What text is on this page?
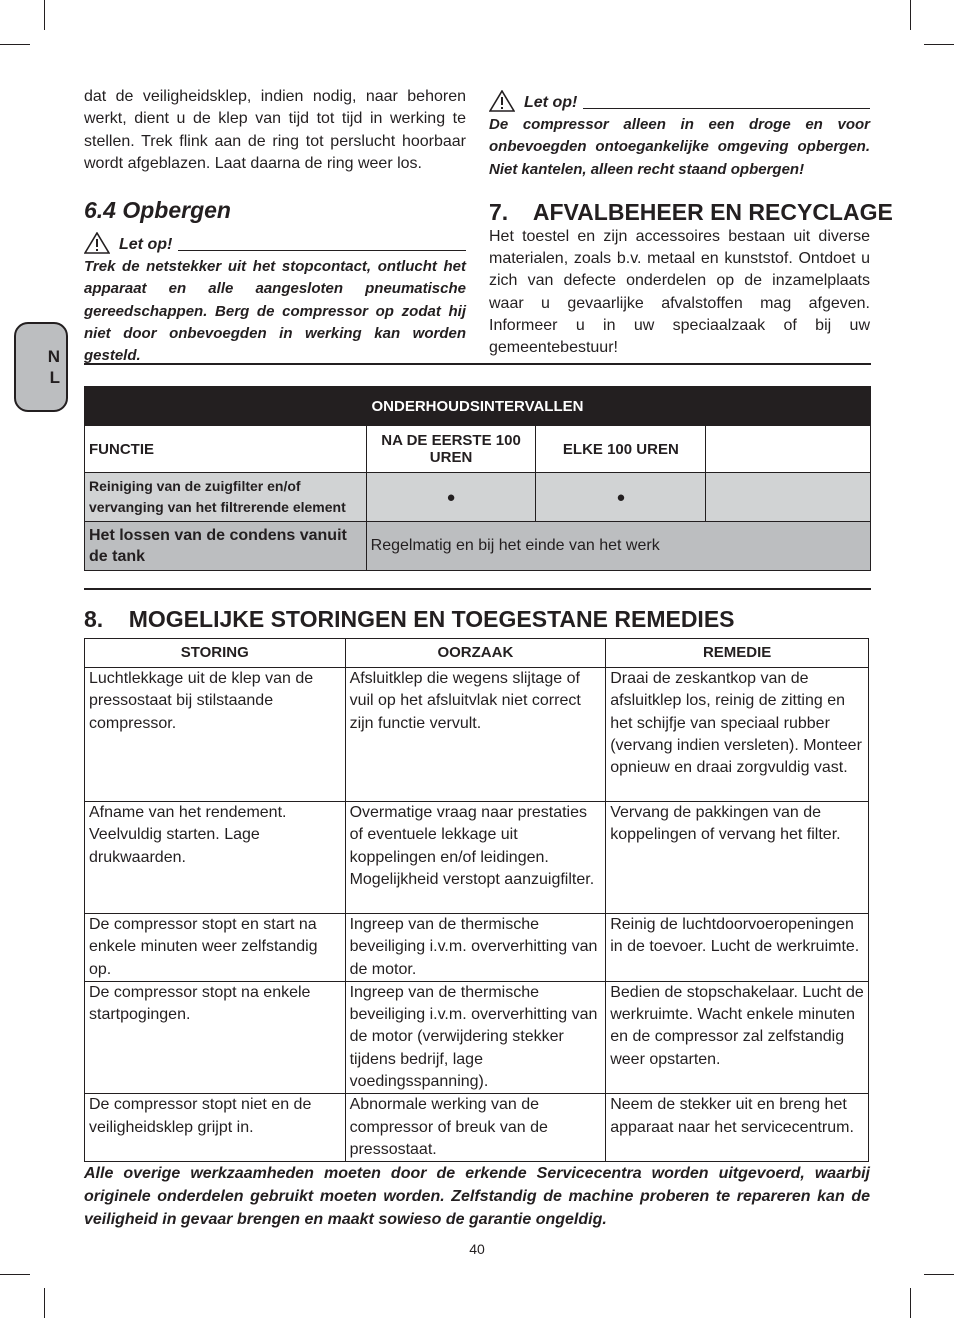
N
L

dat de veiligheidsklep, indien nodig, naar behoren werkt, dient u de klep van tijd tot tijd in werking te stellen. Trek flink aan de ring tot perslucht hoorbaar wordt afgeblazen. Laat daarna de ring weer los.

6.4 Opbergen
Let op!

Trek de netstekker uit het stopcontact, ontlucht het apparaat en alle aangesloten pneumatische gereedschappen. Berg de compressor op zodat hij niet door onbevoegden in werking kan worden gesteld.

Let op!

De compressor alleen in een droge en voor onbevoegden ontoegankelijke omgeving opbergen. Niet kantelen, alleen recht staand opbergen!

7.    AFVALBEHEER EN RECYCLAGE

Het toestel en zijn accessoires bestaan uit diverse materialen, zoals b.v. metaal en kunststof. Ontdoet u zich van defecte onderdelen op de inzamelplaats waar u gevaarlijke afvalstoffen mag afgeven. Informeer u in uw speciaalzaak of bij uw gemeentebestuur!

ONDERHOUDSINTERVALLEN			
FUNCTIE	NA DE EERSTE 100 UREN	ELKE 100 UREN	
Reiniging van de zuigfilter en/of vervanging van het filtrerende element	●	●	
Het lossen van de condens vanuit de tank	Regelmatig en bij het einde van het werk		
8.    MOGELIJKE STORINGEN EN TOEGESTANE REMEDIES
STORING	OORZAAK	REMEDIE
Luchtlekkage uit de klep van de pressostaat bij stilstaande compressor.	Afsluitklep die wegens slijtage of vuil op het afsluitvlak niet correct zijn functie vervult.	Draai de zeskantkop van de afsluitklep los, reinig de zitting en het schijfje van speciaal rubber (vervang indien versleten). Monteer opnieuw en draai zorgvuldig vast.
Afname van het rendement. Veelvuldig starten. Lage drukwaarden.	Overmatige vraag naar prestaties of eventuele lekkage uit koppelingen en/of leidingen. Mogelijkheid verstopt aanzuigfilter.	Vervang de pakkingen van de koppelingen of vervang het filter.
De compressor stopt en start na enkele minuten weer zelfstandig op.	Ingreep van de thermische beveiliging i.v.m. oververhitting van de motor.	Reinig de luchtdoorvoeropeningen in de toevoer. Lucht de werkruimte.
De compressor stopt na enkele startpogingen.	Ingreep van de thermische beveiliging i.v.m. oververhitting van de motor (verwijdering stekker tijdens bedrijf, lage voedingsspanning).	Bedien de stopschakelaar. Lucht de werkruimte. Wacht enkele minuten en de compressor zal zelfstandig weer opstarten.
De compressor stopt niet en de veiligheidsklep grijpt in.	Abnormale werking van de compressor of breuk van de pressostaat.	Neem de stekker uit en breng het apparaat naar het servicecentrum.

Alle overige werkzaamheden moeten door de erkende Servicecentra worden uitgevoerd, waarbij originele onderdelen gebruikt moeten worden. Zelfstandig de machine proberen te repareren kan de veiligheid in gevaar brengen en maakt sowieso de garantie ongeldig.

40
